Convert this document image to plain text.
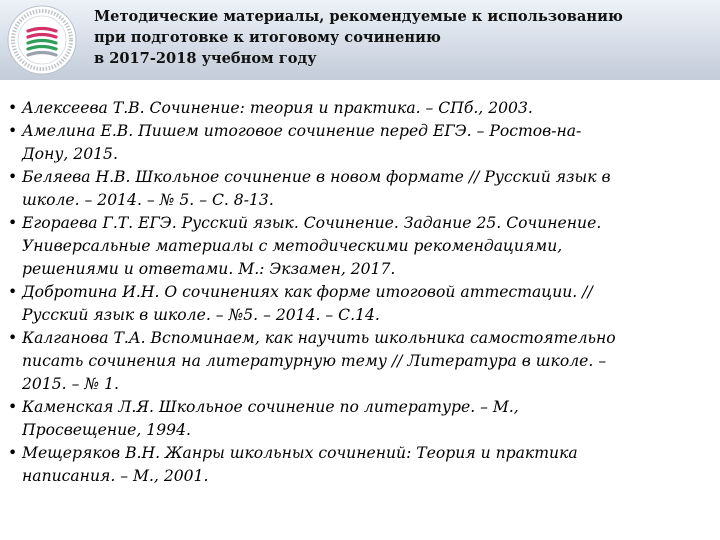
Методические материалы, рекомендуемые к использованию
при подготовке к итоговому сочинению
в 2017-2018 учебном году
• Алексеева Т.В. Сочинение: теория и практика. – СПб., 2003.
• Амелина Е.В. Пишем итоговое сочинение перед ЕГЭ. – Ростов-на-
Дону, 2015.
• Беляева Н.В. Школьное сочинение в новом формате // Русский язык в
школе. – 2014. – № 5. – С. 8-13.
• Егораева Г.Т. ЕГЭ. Русский язык. Сочинение. Задание 25. Сочинение.
Универсальные материалы с методическими рекомендациями,
решениями и ответами. М.: Экзамен, 2017.
• Добротина И.Н. О сочинениях как форме итоговой аттестации. //
Русский язык в школе. – №5. – 2014. – С.14.
• Калганова Т.А. Вспоминаем, как научить школьника самостоятельно
писать сочинения на литературную тему // Литература в школе. –
2015. – № 1.
• Каменская Л.Я. Школьное сочинение по литературе. – М.,
Просвещение, 1994.
• Мещеряков В.Н. Жанры школьных сочинений: Теория и практика
написания. – М., 2001.
